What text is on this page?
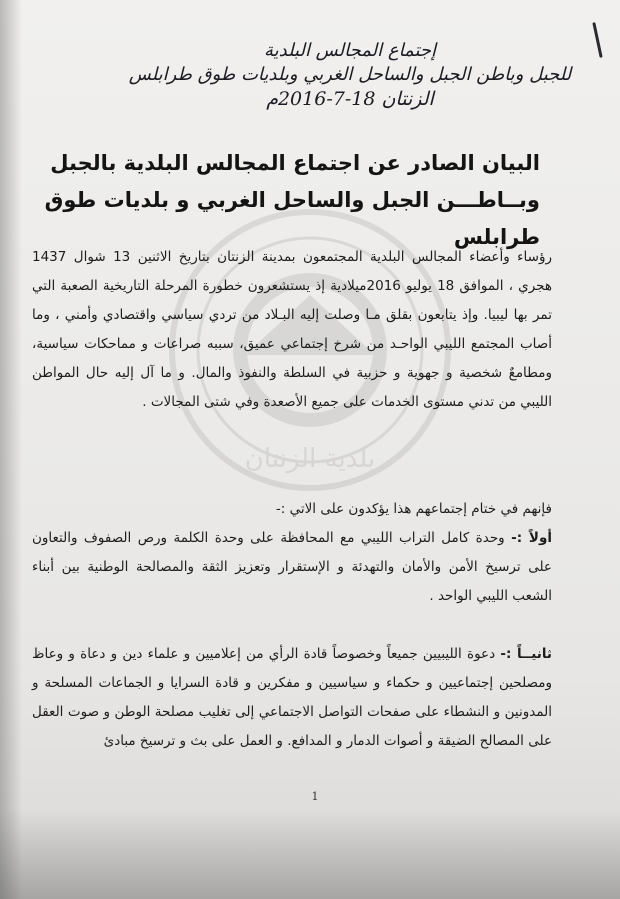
بلدية الزنتان
إجتماع المجالس البلدية
للجبل وباطن الجبل والساحل الغربي وبلديات طوق طرابلس
الزنتان 18-7-2016م
البيان الصادر عن اجتماع المجالس البلدية بالجبل
وبــاطـــن الجبل والساحل الغربي و بلديات طوق طرابلس
رؤساء وأعضاء المجالس البلدية المجتمعون بمدينة الزنتان بتاريخ الاثنين 13 شوال 1437 هجري ، الموافق 18 يوليو 2016ميلادية إذ يستشعرون خطورة المرحلة التاريخية الصعبة التي تمر بها ليبيا. وإذ يتابعون بقلق مـا وصلت إليه البـلاد من تردي سياسي واقتصادي وأمني ، وما أصاب المجتمع الليبي الواحـد من شرخ إجتماعي عميق، سببه صراعات و مماحكات سياسية، ومطامعٌ شخصية و جهوية و حزبية في السلطة والنفوذ والمال. و ما آل إليه حال المواطن الليبي من تدني مستوى الخدمات على جميع الأصعدة وفي شتى المجالات .
فإنهم في ختام إجتماعهم هذا يؤكدون على الاتي :-
أولاً :- وحدة كامل التراب الليبي مع المحافظة على وحدة الكلمة ورص الصفوف والتعاون على ترسيخ الأمن والأمان والتهدئة و الإستقرار وتعزيز الثقة والمصالحة الوطنية بين أبناء الشعب الليبي الواحد .
ثانيــاً :- دعوة الليبيين جميعاً وخصوصاً قادة الرأي من إعلاميين و علماء دين و دعاة و وعاظ ومصلحين إجتماعيين و حكماء و سياسيين و مفكرين و قادة السرايا و الجماعات المسلحة و المدونين و النشطاء على صفحات التواصل الاجتماعي إلى تغليب مصلحة الوطن و صوت العقل على المصالح الضيقة و أصوات الدمار و المدافع. و العمل على بث و ترسيخ مبادئ
1
